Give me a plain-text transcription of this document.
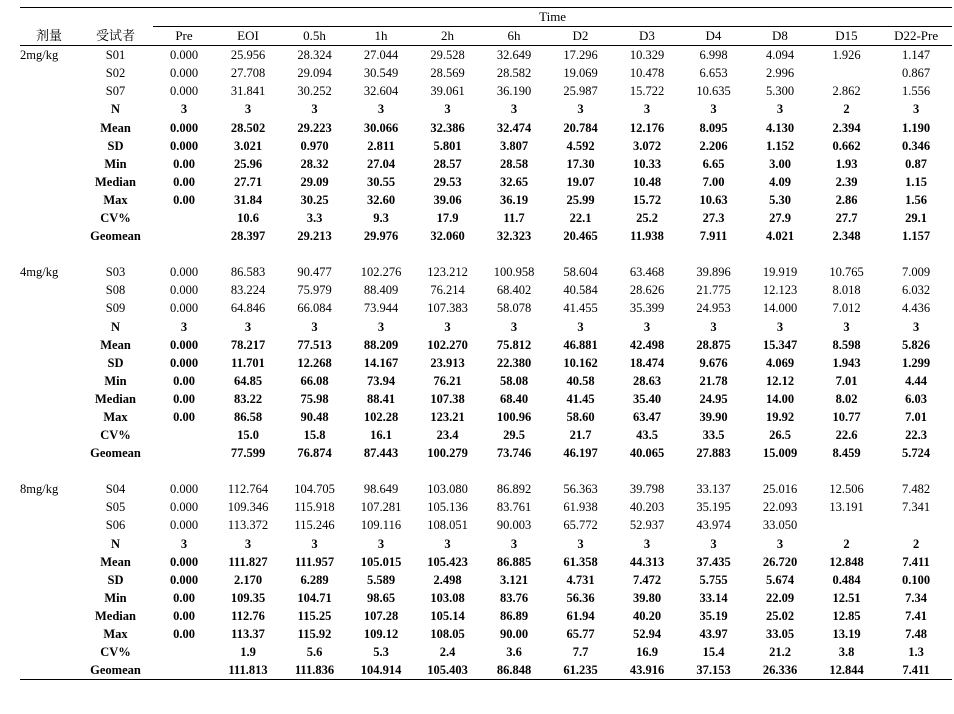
		Time											
剂量	受试者	Pre	EOI	0.5h	1h	2h	6h	D2	D3	D4	D8	D15	D22-Pre
2mg/kg	S01	0.000	25.956	28.324	27.044	29.528	32.649	17.296	10.329	6.998	4.094	1.926	1.147
	S02	0.000	27.708	29.094	30.549	28.569	28.582	19.069	10.478	6.653	2.996		0.867
	S07	0.000	31.841	30.252	32.604	39.061	36.190	25.987	15.722	10.635	5.300	2.862	1.556
	N	3	3	3	3	3	3	3	3	3	3	2	3
	Mean	0.000	28.502	29.223	30.066	32.386	32.474	20.784	12.176	8.095	4.130	2.394	1.190
	SD	0.000	3.021	0.970	2.811	5.801	3.807	4.592	3.072	2.206	1.152	0.662	0.346
	Min	0.00	25.96	28.32	27.04	28.57	28.58	17.30	10.33	6.65	3.00	1.93	0.87
	Median	0.00	27.71	29.09	30.55	29.53	32.65	19.07	10.48	7.00	4.09	2.39	1.15
	Max	0.00	31.84	30.25	32.60	39.06	36.19	25.99	15.72	10.63	5.30	2.86	1.56
	CV%		10.6	3.3	9.3	17.9	11.7	22.1	25.2	27.3	27.9	27.7	29.1
	Geomean		28.397	29.213	29.976	32.060	32.323	20.465	11.938	7.911	4.021	2.348	1.157

4mg/kg	S03	0.000	86.583	90.477	102.276	123.212	100.958	58.604	63.468	39.896	19.919	10.765	7.009
	S08	0.000	83.224	75.979	88.409	76.214	68.402	40.584	28.626	21.775	12.123	8.018	6.032
	S09	0.000	64.846	66.084	73.944	107.383	58.078	41.455	35.399	24.953	14.000	7.012	4.436
	N	3	3	3	3	3	3	3	3	3	3	3	3
	Mean	0.000	78.217	77.513	88.209	102.270	75.812	46.881	42.498	28.875	15.347	8.598	5.826
	SD	0.000	11.701	12.268	14.167	23.913	22.380	10.162	18.474	9.676	4.069	1.943	1.299
	Min	0.00	64.85	66.08	73.94	76.21	58.08	40.58	28.63	21.78	12.12	7.01	4.44
	Median	0.00	83.22	75.98	88.41	107.38	68.40	41.45	35.40	24.95	14.00	8.02	6.03
	Max	0.00	86.58	90.48	102.28	123.21	100.96	58.60	63.47	39.90	19.92	10.77	7.01
	CV%		15.0	15.8	16.1	23.4	29.5	21.7	43.5	33.5	26.5	22.6	22.3
	Geomean		77.599	76.874	87.443	100.279	73.746	46.197	40.065	27.883	15.009	8.459	5.724

8mg/kg	S04	0.000	112.764	104.705	98.649	103.080	86.892	56.363	39.798	33.137	25.016	12.506	7.482
	S05	0.000	109.346	115.918	107.281	105.136	83.761	61.938	40.203	35.195	22.093	13.191	7.341
	S06	0.000	113.372	115.246	109.116	108.051	90.003	65.772	52.937	43.974	33.050		
	N	3	3	3	3	3	3	3	3	3	3	2	2
	Mean	0.000	111.827	111.957	105.015	105.423	86.885	61.358	44.313	37.435	26.720	12.848	7.411
	SD	0.000	2.170	6.289	5.589	2.498	3.121	4.731	7.472	5.755	5.674	0.484	0.100
	Min	0.00	109.35	104.71	98.65	103.08	83.76	56.36	39.80	33.14	22.09	12.51	7.34
	Median	0.00	112.76	115.25	107.28	105.14	86.89	61.94	40.20	35.19	25.02	12.85	7.41
	Max	0.00	113.37	115.92	109.12	108.05	90.00	65.77	52.94	43.97	33.05	13.19	7.48
	CV%		1.9	5.6	5.3	2.4	3.6	7.7	16.9	15.4	21.2	3.8	1.3
	Geomean		111.813	111.836	104.914	105.403	86.848	61.235	43.916	37.153	26.336	12.844	7.411
